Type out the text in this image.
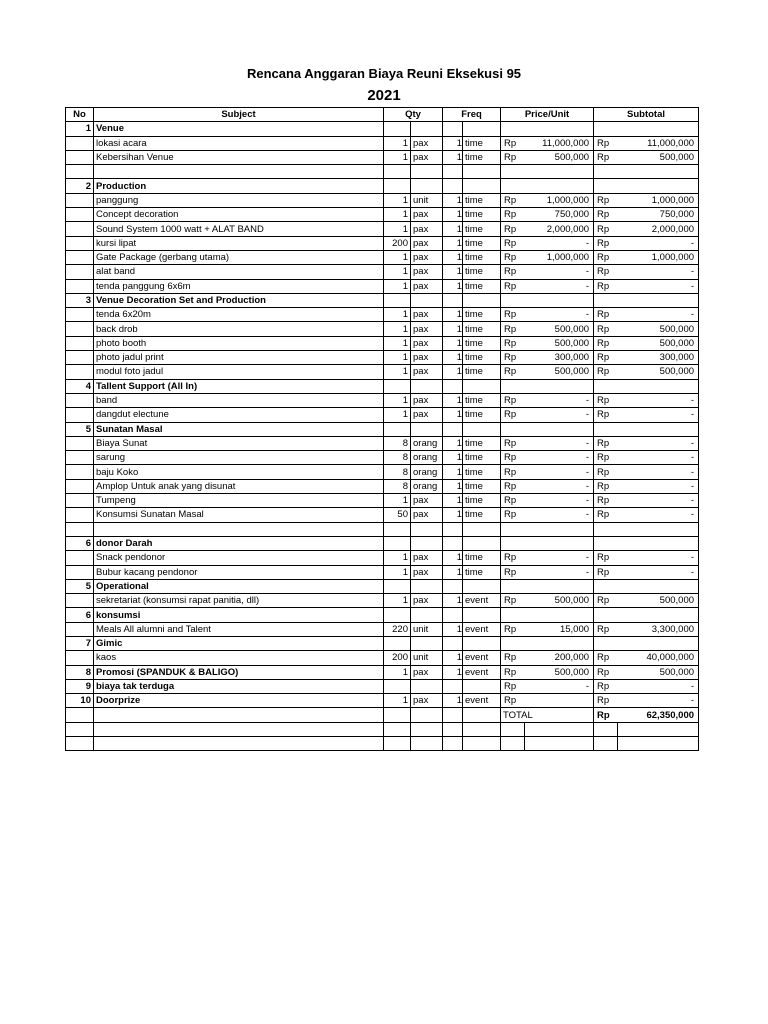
Rencana Anggaran Biaya Reuni Eksekusi 95
2021
No	Subject	Qty		Freq		Price/Unit		Subtotal	
1	Venue								
	lokasi acara	1	pax	1	time	Rp	11,000,000	Rp	11,000,000
	Kebersihan Venue	1	pax	1	time	Rp	500,000	Rp	500,000

2	Production								
	panggung	1	unit	1	time	Rp	1,000,000	Rp	1,000,000
	Concept decoration	1	pax	1	time	Rp	750,000	Rp	750,000
	Sound System 1000 watt + ALAT BAND	1	pax	1	time	Rp	2,000,000	Rp	2,000,000
	kursi lipat	200	pax	1	time	Rp	-	Rp	-
	Gate Package (gerbang utama)	1	pax	1	time	Rp	1,000,000	Rp	1,000,000
	alat band	1	pax	1	time	Rp	-	Rp	-
	tenda panggung 6x6m	1	pax	1	time	Rp	-	Rp	-
3	Venue Decoration Set and Production								
	tenda 6x20m	1	pax	1	time	Rp	-	Rp	-
	back drob	1	pax	1	time	Rp	500,000	Rp	500,000
	photo booth	1	pax	1	time	Rp	500,000	Rp	500,000
	photo jadul print	1	pax	1	time	Rp	300,000	Rp	300,000
	modul foto jadul	1	pax	1	time	Rp	500,000	Rp	500,000
4	Tallent Support (All In)								
	band	1	pax	1	time	Rp	-	Rp	-
	dangdut electune	1	pax	1	time	Rp	-	Rp	-
5	Sunatan Masal								
	Biaya Sunat	8	orang	1	time	Rp	-	Rp	-
	sarung	8	orang	1	time	Rp	-	Rp	-
	baju Koko	8	orang	1	time	Rp	-	Rp	-
	Amplop Untuk anak yang disunat	8	orang	1	time	Rp	-	Rp	-
	Tumpeng	1	pax	1	time	Rp	-	Rp	-
	Konsumsi Sunatan Masal	50	pax	1	time	Rp	-	Rp	-

6	donor Darah								
	Snack pendonor	1	pax	1	time	Rp	-	Rp	-
	Bubur kacang pendonor	1	pax	1	time	Rp	-	Rp	-
5	Operational								
	sekretariat (konsumsi rapat panitia, dll)	1	pax	1	event	Rp	500,000	Rp	500,000
6	konsumsi								
	Meals All alumni and Talent	220	unit	1	event	Rp	15,000	Rp	3,300,000
7	Gimic								
	kaos	200	unit	1	event	Rp	200,000	Rp	40,000,000
8	Promosi (SPANDUK & BALIGO)	1	pax	1	event	Rp	500,000	Rp	500,000
9	biaya tak terduga					Rp	-	Rp	-
10	Doorprize	1	pax	1	event	Rp		Rp	-
						TOTAL		Rp	62,350,000
